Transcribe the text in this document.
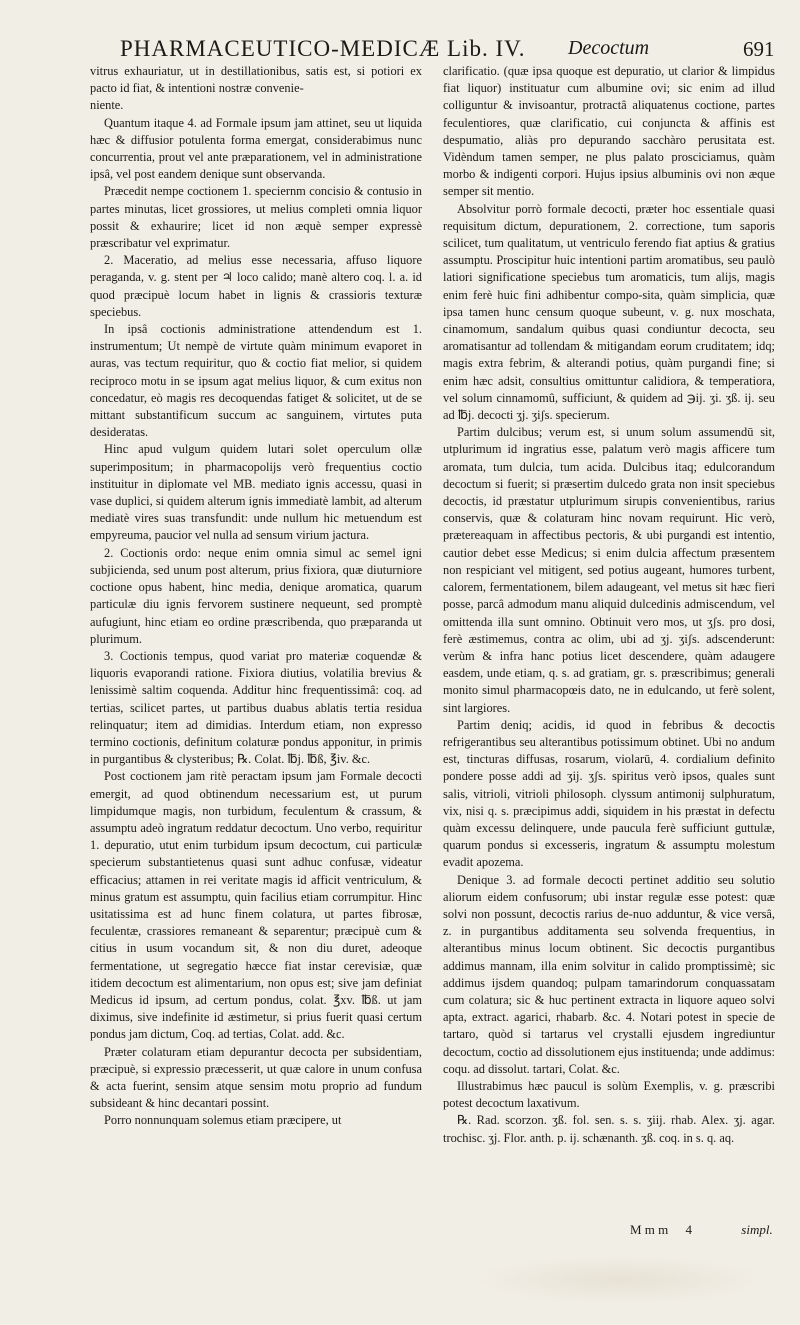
PHARMACEUTICO-MEDICÆ Lib. IV. Decoctum	691

vitrus exhauriatur, ut in destillationibus, satis est, si potiori ex pacto id fiat, & intentioni nostræ convenie-

niente.

Quantum itaque 4. ad Formale ipsum jam attinet, seu ut liquida hæc & diffusior potulenta forma emergat, considerabimus nunc concurrentia, prout vel ante præparationem, vel in administratione ipsâ, vel post eandem denique sunt observanda.

Præcedit nempe coctionem 1. speciernm concisio & contusio in partes minutas, licet grossiores, ut melius completi omnia liquor possit & exhaurire; licet id non æquè semper expressè præscribatur vel exprimatur.

2. Maceratio, ad melius esse necessaria, affuso liquore peraganda, v. g. stent per ♃ loco calido; manè altero coq. l. a. id quod præcipuè locum habet in lignis & crassioris texturæ speciebus.

In ipsâ coctionis administratione attendendum est 1. instrumentum; Ut nempè de virtute quàm minimum evaporet in auras, vas tectum requiritur, quo & coctio fiat melior, si quidem reciproco motu in se ipsum agat melius liquor, & cum exitus non concedatur, eò magis res decoquendas fatiget & solicitet, ut de se mittant substantificum succum ac sanguinem, virtutes puta desideratas.

Hinc apud vulgum quidem lutari solet operculum ollæ superimpositum; in pharmacopolijs verò frequentius coctio instituitur in diplomate vel MB. mediato ignis accessu, quasi in vase duplici, si quidem alterum ignis immediatè lambit, ad alterum mediatè vires suas transfundit: unde nullum hic metuendum est empyreuma, paucior vel nulla ad sensum virium jactura.

2. Coctionis ordo: neque enim omnia simul ac semel igni subjicienda, sed unum post alterum, prius fixiora, quæ diuturniore coctione opus habent, hinc media, denique aromatica, quarum particulæ diu ignis fervorem sustinere nequeunt, sed promptè aufugiunt, hinc etiam eo ordine præscribenda, quo præparanda ut plurimum.

3. Coctionis tempus, quod variat pro materiæ coquendæ & liquoris evaporandi ratione. Fixiora diutius, volatilia brevius & lenissimè saltim coquenda. Additur hinc frequentissimâ: coq. ad tertias, scilicet partes, ut partibus duabus ablatis tertia residua relinquatur; item ad dimidias. Interdum etiam, non expresso termino coctionis, definitum colaturæ pondus apponitur, in primis in purgantibus & clysteribus; ℞. Colat. ℔j. ℔ß, ℥iv. &c.

Post coctionem jam ritè peractam ipsum jam Formale decocti emergit, ad quod obtinendum necessarium est, ut purum limpidumque magis, non turbidum, feculentum & crassum, & assumptu adeò ingratum reddatur decoctum. Uno verbo, requiritur 1. depuratio, utut enim turbidum ipsum decoctum, cui particulæ specierum substantietenus quasi sunt adhuc confusæ, videatur efficacius; attamen in rei veritate magis id afficit ventriculum, & minus gratum est assumptu, quin facilius etiam corrumpitur. Hinc usitatissima est ad hunc finem colatura, ut partes fibrosæ, feculentæ, crassiores remaneant & separentur; præcipuè cum & citius in usum vocandum sit, & non diu duret, adeoque fermentatione, ut segregatio hæcce fiat instar cerevisiæ, quæ itidem decoctum est alimentarium, non opus est; sive jam definiat Medicus id ipsum, ad certum pondus, colat. ℥xv. ℔ß. ut jam diximus, sive indefinite id æstimetur, si prius fuerit quasi certum pondus jam dictum, Coq. ad tertias, Colat. add. &c.

Præter colaturam etiam depurantur decocta per subsidentiam, præcipuè, si expressio præcesserit, ut quæ calore in unum confusa & acta fuerint, sensim atque sensim motu proprio ad fundum subsideant & hinc decantari possint.

Porro nonnunquam solemus etiam præcipere, ut

clarificatio. (quæ ipsa quoque est depuratio, ut clarior & limpidus fiat liquor) instituatur cum albumine ovi; sic enim ad illud colliguntur & invisoantur, protractâ aliquatenus coctione, partes feculentiores, quæ clarificatio, cui conjuncta & affinis est despumatio, aliàs pro depurando sacchàro perusitata est. Vidèndum tamen semper, ne plus palato prosciciamus, quàm morbo & indigenti corpori. Hujus ipsius albuminis ovi non æque semper sit mentio.

Absolvitur porrò formale decocti, præter hoc essentiale quasi requisitum dictum, depurationem, 2. correctione, tum saporis scilicet, tum qualitatum, ut ventriculo ferendo fiat aptius & gratius assumptu. Proscipitur huic intentioni partim aromatibus, seu paulò latiori significatione speciebus tum aromaticis, tum alijs, magis enim ferè huic fini adhibentur compo-sita, quàm simplicia, quæ ipsa tamen hunc censum quoque subeunt, v. g. nux moschata, cinamomum, sandalum quibus quasi condiuntur decocta, seu aromatisantur ad tollendam & mitigandam eorum cruditatem; idq; magis extra febrim, & alterandi potius, quàm purgandi fine; si enim hæc adsit, consultius omittuntur calidiora, & temperatiora, vel solum cinnamomû, sufficiunt, & quidem ad ℈ij. ʒi. ʒß. ij. seu ad ℔j. decocti ʒj. ʒiʃs. specierum.

Partim dulcibus; verum est, si unum solum assumendū sit, utplurimum id ingratius esse, palatum verò magis afficere tum aromata, tum dulcia, tum acida. Dulcibus itaq; edulcorandum decoctum si fuerit; si præsertim dulcedo grata non insit speciebus decoctis, id præstatur utplurimum sirupis convenientibus, rarius conservis, quæ & colaturam hinc novam requirunt. Hic verò, prætereaquam in affectibus pectoris, & ubi purgandi est intentio, cautior debet esse Medicus; si enim dulcia affectum præsentem non respiciant vel mitigent, sed potius augeant, humores turbent, calorem, fermentationem, bilem adaugeant, vel metus sit hæc fieri posse, parcâ admodum manu aliquid dulcedinis admiscendum, vel omittenda illa sunt omnino. Obtinuit vero mos, ut ʒʃs. pro dosi, ferè æstimemus, contra ac olim, ubi ad ʒj. ʒiʃs. adscenderunt: verùm & infra hanc potius licet descendere, quàm adaugere easdem, unde etiam, q. s. ad gratiam, gr. s. præscribimus; generali monito simul pharmacopœis dato, ne in edulcando, ut ferè solent, sint largiores.

Partim deniq; acidis, id quod in febribus & decoctis refrigerantibus seu alterantibus potissimum obtinet. Ubi no andum est, tincturas diffusas, rosarum, violarū, 4. cordialium definito pondere posse addi ad ʒij. ʒʃs. spiritus verò ipsos, quales sunt salis, vitrioli, vitrioli philosoph. clyssum antimonij sulphuratum, vix, nisi q. s. præcipimus addi, siquidem in his præstat in defectu quàm excessu delinquere, unde paucula ferè sufficiunt guttulæ, quarum pondus si excesseris, ingratum & assumptu molestum evadit apozema.

Denique 3. ad formale decocti pertinet additio seu solutio aliorum eidem confusorum; ubi instar regulæ esse potest: quæ solvi non possunt, decoctis rarius de-nuo adduntur, & vice versâ, z. in purgantibus additamenta seu solvenda frequentius, in alterantibus minus locum obtinent. Sic decoctis purgantibus addimus mannam, illa enim solvitur in calido promptissimè; sic addimus ijsdem quandoq; pulpam tamarindorum conquassatam cum colatura; sic & huc pertinent extracta in liquore aqueo solvi apta, extract. agarici, rhabarb. &c. 4. Notari potest in specie de tartaro, quòd si tartarus vel crystalli ejusdem ingrediuntur decoctum, coctio ad dissolutionem ejus instituenda; unde addimus: coqu. ad dissolut. tartari, Colat. &c.

Illustrabimus hæc paucul is solùm Exemplis, v. g. præscribi potest decoctum laxativum.

℞. Rad. scorzon. ʒß. fol. sen. s. s. ʒiij. rhab. Alex. ʒj. agar. trochisc. ʒj. Flor. anth. p. ij. schænanth. ʒß. coq. in s. q. aq.

M m m 4	simpl.
